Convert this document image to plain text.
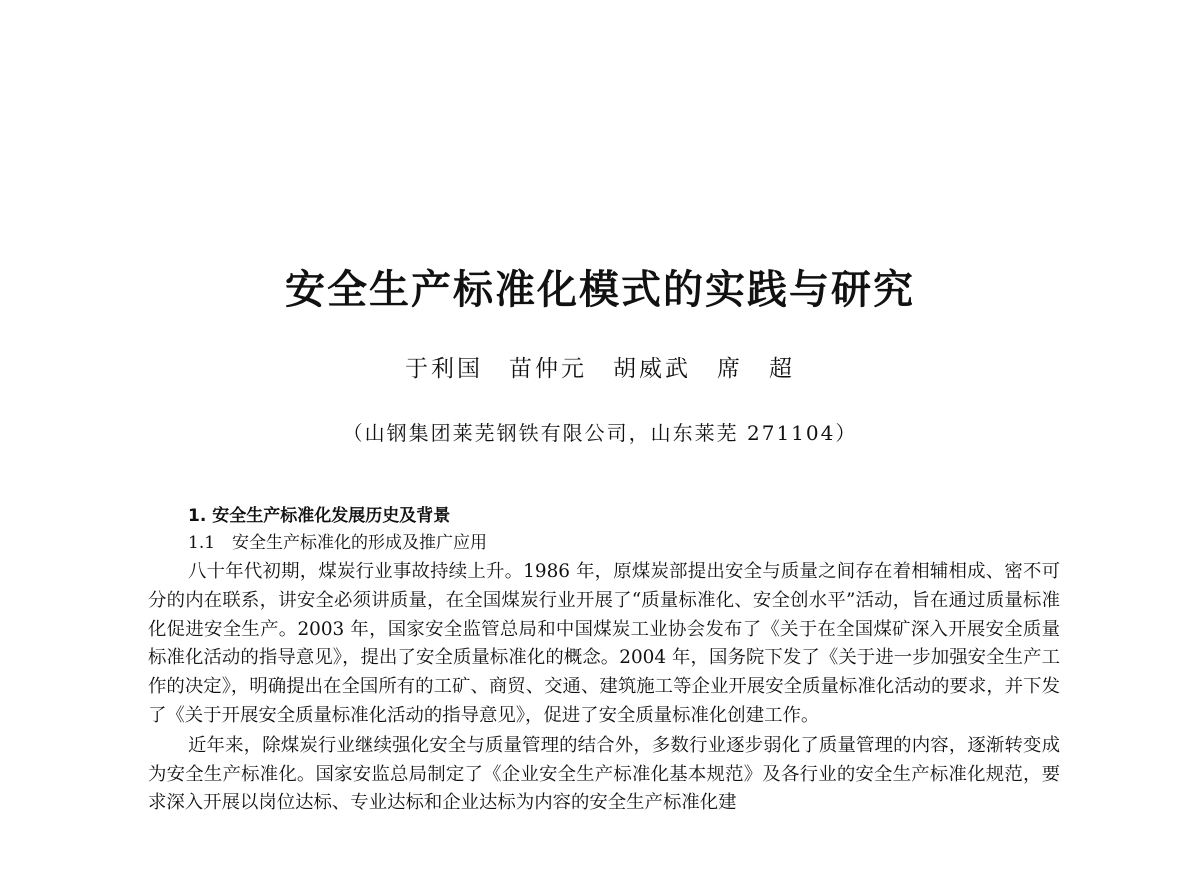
安全生产标准化模式的实践与研究

于利国　苗仲元　胡威武　席　超

（山钢集团莱芜钢铁有限公司，山东莱芜 271104）

1. 安全生产标准化发展历史及背景

1.1　安全生产标准化的形成及推广应用

八十年代初期，煤炭行业事故持续上升。1986 年，原煤炭部提出安全与质量之间存在着相辅相成、密不可分的内在联系，讲安全必须讲质量，在全国煤炭行业开展了“质量标准化、安全创水平”活动，旨在通过质量标准化促进安全生产。2003 年，国家安全监管总局和中国煤炭工业协会发布了《关于在全国煤矿深入开展安全质量标准化活动的指导意见》，提出了安全质量标准化的概念。2004 年，国务院下发了《关于进一步加强安全生产工作的决定》，明确提出在全国所有的工矿、商贸、交通、建筑施工等企业开展安全质量标准化活动的要求，并下发了《关于开展安全质量标准化活动的指导意见》，促进了安全质量标准化创建工作。

近年来，除煤炭行业继续强化安全与质量管理的结合外，多数行业逐步弱化了质量管理的内容，逐渐转变成为安全生产标准化。国家安监总局制定了《企业安全生产标准化基本规范》及各行业的安全生产标准化规范，要求深入开展以岗位达标、专业达标和企业达标为内容的安全生产标准化建
